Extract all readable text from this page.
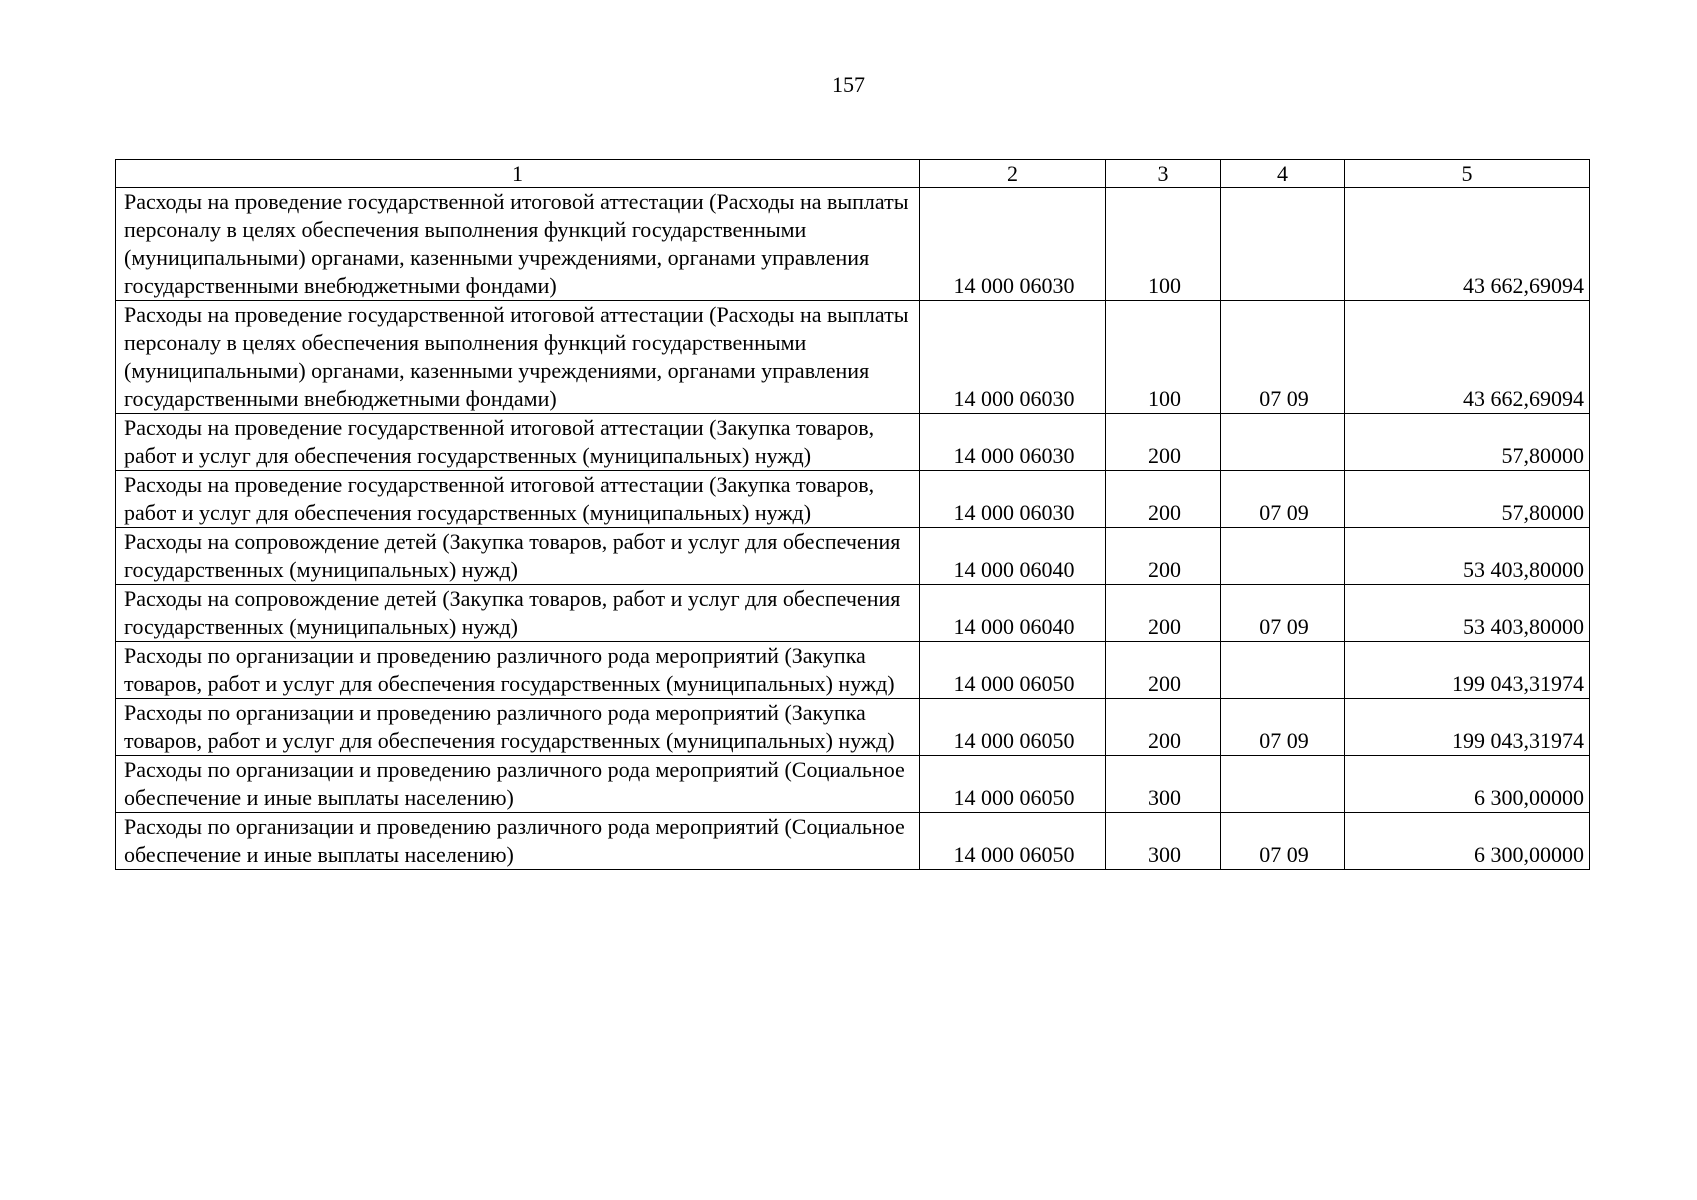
157
1	2	3	4	5
Расходы на проведение государственной итоговой аттестации (Расходы на выплаты персоналу в целях обеспечения выполнения функций государственными (муниципальными) органами, казенными учреждениями, органами управления государственными внебюджетными фондами)	14 000 06030	100		43 662,69094
Расходы на проведение государственной итоговой аттестации (Расходы на выплаты персоналу в целях обеспечения выполнения функций государственными (муниципальными) органами, казенными учреждениями, органами управления государственными внебюджетными фондами)	14 000 06030	100	07 09	43 662,69094
Расходы на проведение государственной итоговой аттестации (Закупка товаров, работ и услуг для обеспечения государственных (муниципальных) нужд)	14 000 06030	200		57,80000
Расходы на проведение государственной итоговой аттестации (Закупка товаров, работ и услуг для обеспечения государственных (муниципальных) нужд)	14 000 06030	200	07 09	57,80000
Расходы на сопровождение детей (Закупка товаров, работ и услуг для обеспечения государственных (муниципальных) нужд)	14 000 06040	200		53 403,80000
Расходы на сопровождение детей (Закупка товаров, работ и услуг для обеспечения государственных (муниципальных) нужд)	14 000 06040	200	07 09	53 403,80000
Расходы по организации и проведению различного рода мероприятий (Закупка товаров, работ и услуг для обеспечения государственных (муниципальных) нужд)	14 000 06050	200		199 043,31974
Расходы по организации и проведению различного рода мероприятий (Закупка товаров, работ и услуг для обеспечения государственных (муниципальных) нужд)	14 000 06050	200	07 09	199 043,31974
Расходы по организации и проведению различного рода мероприятий (Социальное обеспечение и иные выплаты населению)	14 000 06050	300		6 300,00000
Расходы по организации и проведению различного рода мероприятий (Социальное обеспечение и иные выплаты населению)	14 000 06050	300	07 09	6 300,00000
